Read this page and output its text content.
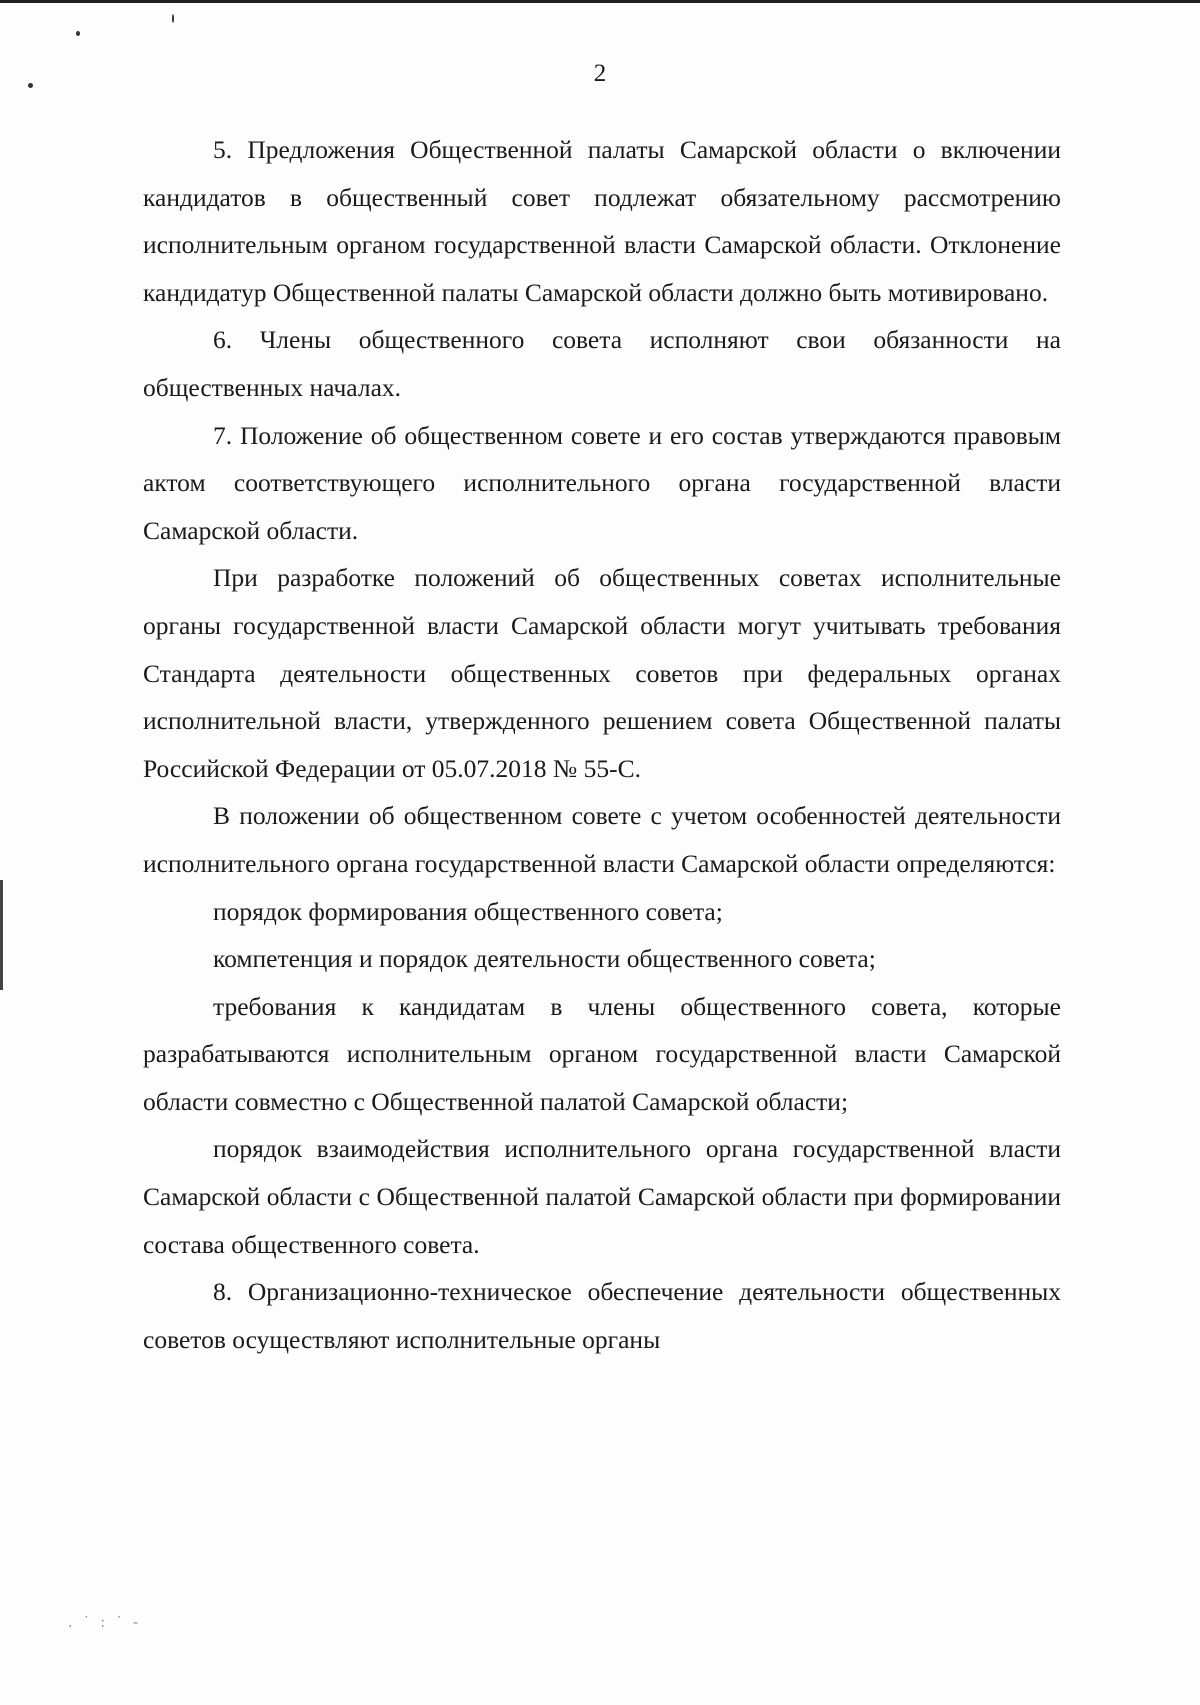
. ˙ : ˙ -
2

5. Предложения Общественной палаты Самарской области о включении кандидатов в общественный совет подлежат обязательному рассмотрению исполнительным органом государственной власти Самарской области. Отклонение кандидатур Общественной палаты Самарской области должно быть мотивировано.

6. Члены общественного совета исполняют свои обязанности на общественных началах.

7. Положение об общественном совете и его состав утверждаются правовым актом соответствующего исполнительного органа государственной власти Самарской области.

При разработке положений об общественных советах исполнительные органы государственной власти Самарской области могут учитывать требования Стандарта деятельности общественных советов при федеральных органах исполнительной власти, утвержденного решением совета Общественной палаты Российской Федерации от 05.07.2018 № 55-С.

В положении об общественном совете с учетом особенностей деятельности исполнительного органа государственной власти Самарской области определяются:

порядок формирования общественного совета;

компетенция и порядок деятельности общественного совета;

требования к кандидатам в члены общественного совета, которые разрабатываются исполнительным органом государственной власти Самарской области совместно с Общественной палатой Самарской области;

порядок взаимодействия исполнительного органа государственной власти Самарской области с Общественной палатой Самарской области при формировании состава общественного совета.

8. Организационно-техническое обеспечение деятельности общественных советов осуществляют исполнительные органы
